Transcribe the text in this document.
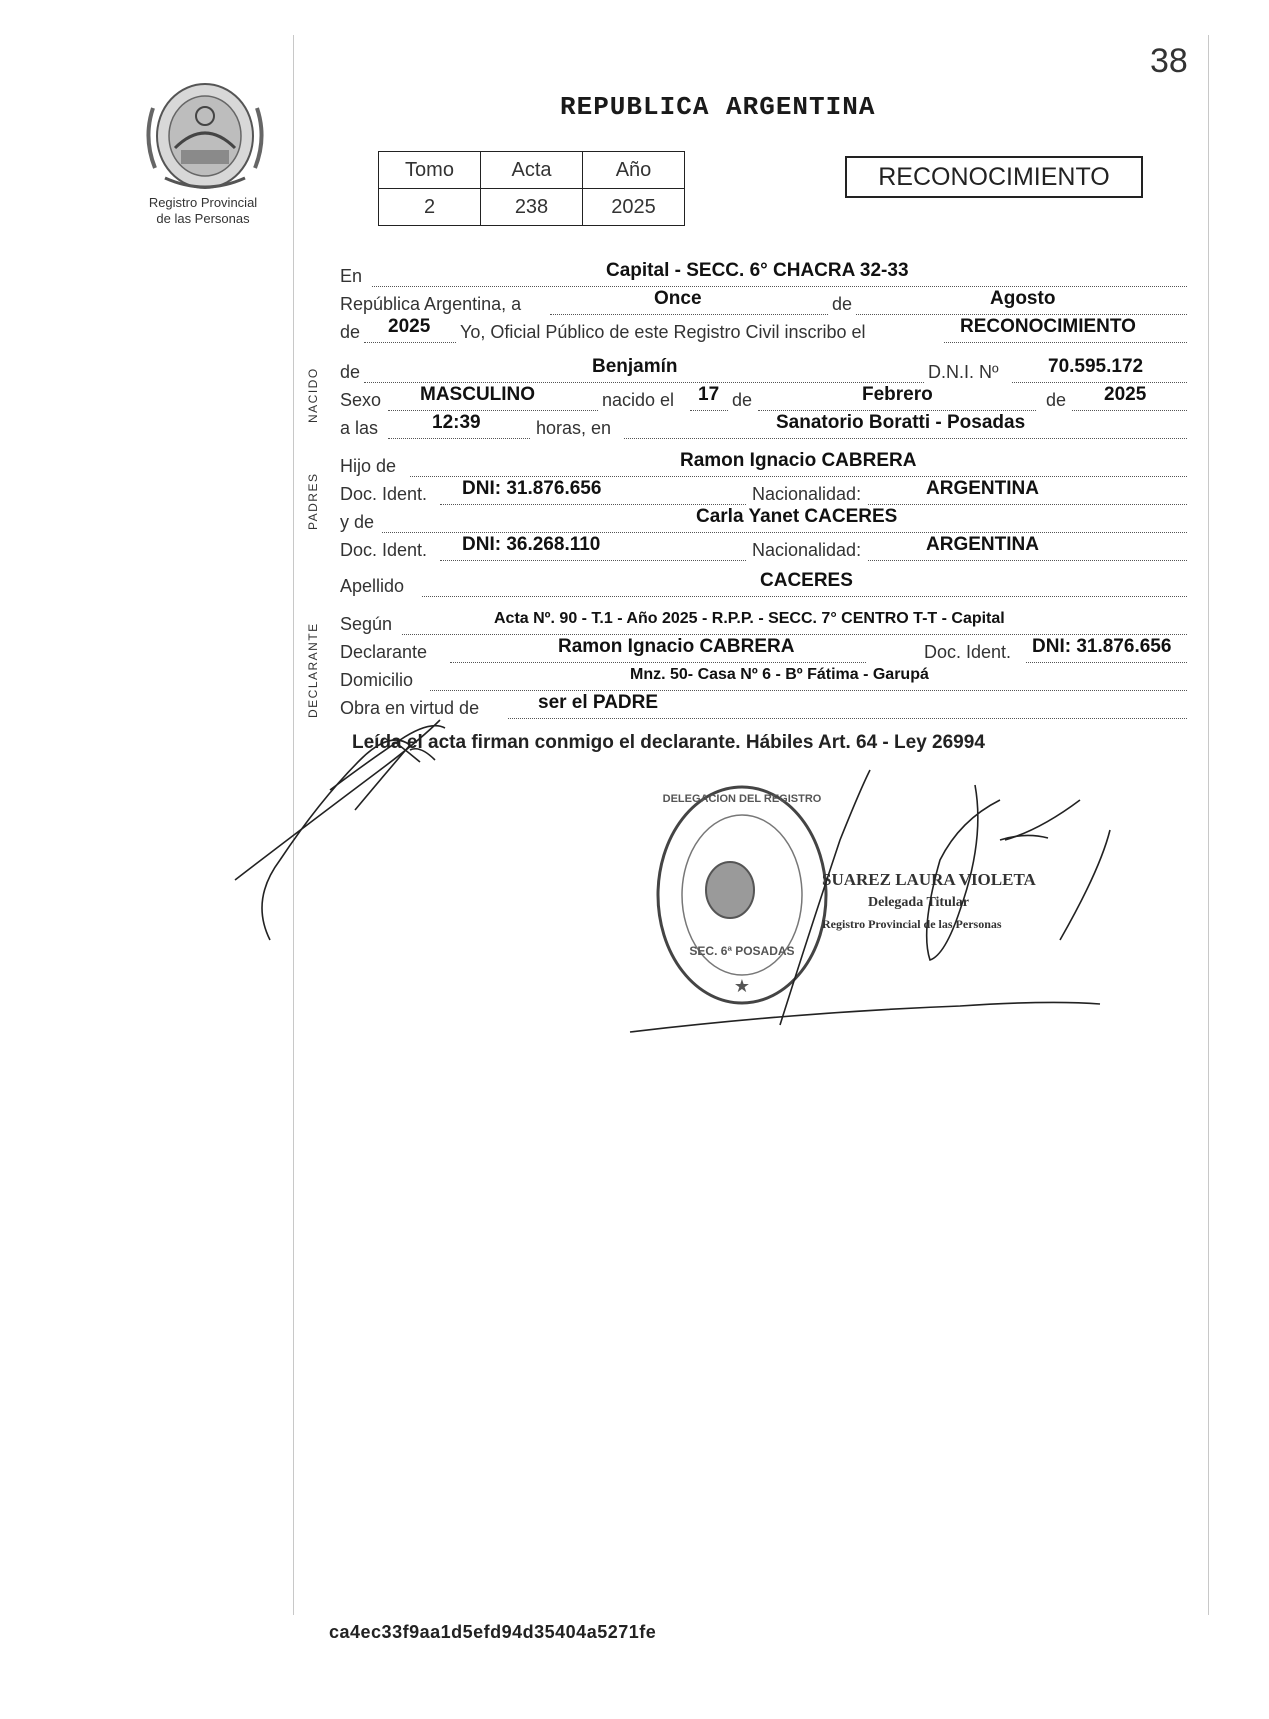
38
Registro Provincial
de las Personas
REPUBLICA ARGENTINA
Tomo	Acta	Año
2	238	2025
RECONOCIMIENTO
NACIDO
PADRES
DECLARANTE
En	Capital - SECC. 6° CHACRA 32-33
República Argentina, a	Once	de	Agosto
de 2025 Yo, Oficial Público de este Registro Civil inscribo el	RECONOCIMIENTO
de	Benjamín	D.N.I. Nº	70.595.172
Sexo MASCULINO	nacido el 17 de	Febrero	de 2025
a las	12:39	horas, en	Sanatorio Boratti - Posadas
Hijo de	Ramon Ignacio CABRERA
Doc. Ident. DNI: 31.876.656	Nacionalidad:	ARGENTINA
y de	Carla Yanet CACERES
Doc. Ident. DNI: 36.268.110	Nacionalidad:	ARGENTINA
Apellido	CACERES
Según	Acta Nº. 90 - T.1 - Año 2025 - R.P.P. - SECC. 7° CENTRO T-T - Capital
Declarante	Ramon Ignacio CABRERA	Doc. Ident. DNI: 31.876.656
Domicilio	Mnz. 50- Casa Nº 6 - Bº Fátima - Garupá
Obra en virtud de	ser el PADRE
Leída el acta firman conmigo el declarante. Hábiles Art. 64 - Ley 26994
DELEGACION DEL REGISTRO
SEC. 6ª POSADAS
★
SUAREZ LAURA VIOLETA
Delegada Titular
Registro Provincial de las Personas
ca4ec33f9aa1d5efd94d35404a5271fe
